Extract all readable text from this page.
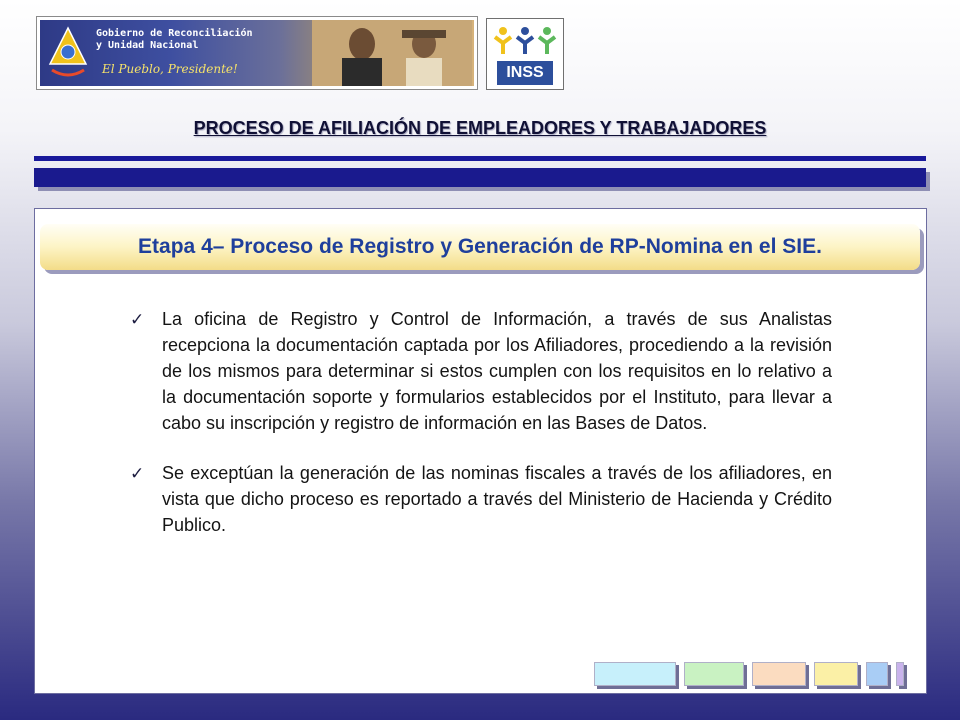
Gobierno de Reconciliación
y Unidad Nacional
El Pueblo, Presidente!	INSS
PROCESO DE AFILIACIÓN DE EMPLEADORES Y TRABAJADORES
Etapa 4– Proceso de Registro y Generación de RP-Nomina en el SIE.
✓ La oficina de Registro y Control de Información, a través de sus Analistas recepciona la documentación captada por los Afiliadores, procediendo a la revisión de los mismos para determinar si estos cumplen con los requisitos en lo relativo a la documentación soporte y formularios establecidos por el Instituto, para llevar a cabo su inscripción y registro de información en las Bases de Datos.
✓ Se exceptúan la generación de las nominas fiscales a través de los afiliadores, en vista que dicho proceso es reportado a través del Ministerio de Hacienda y Crédito Publico.
